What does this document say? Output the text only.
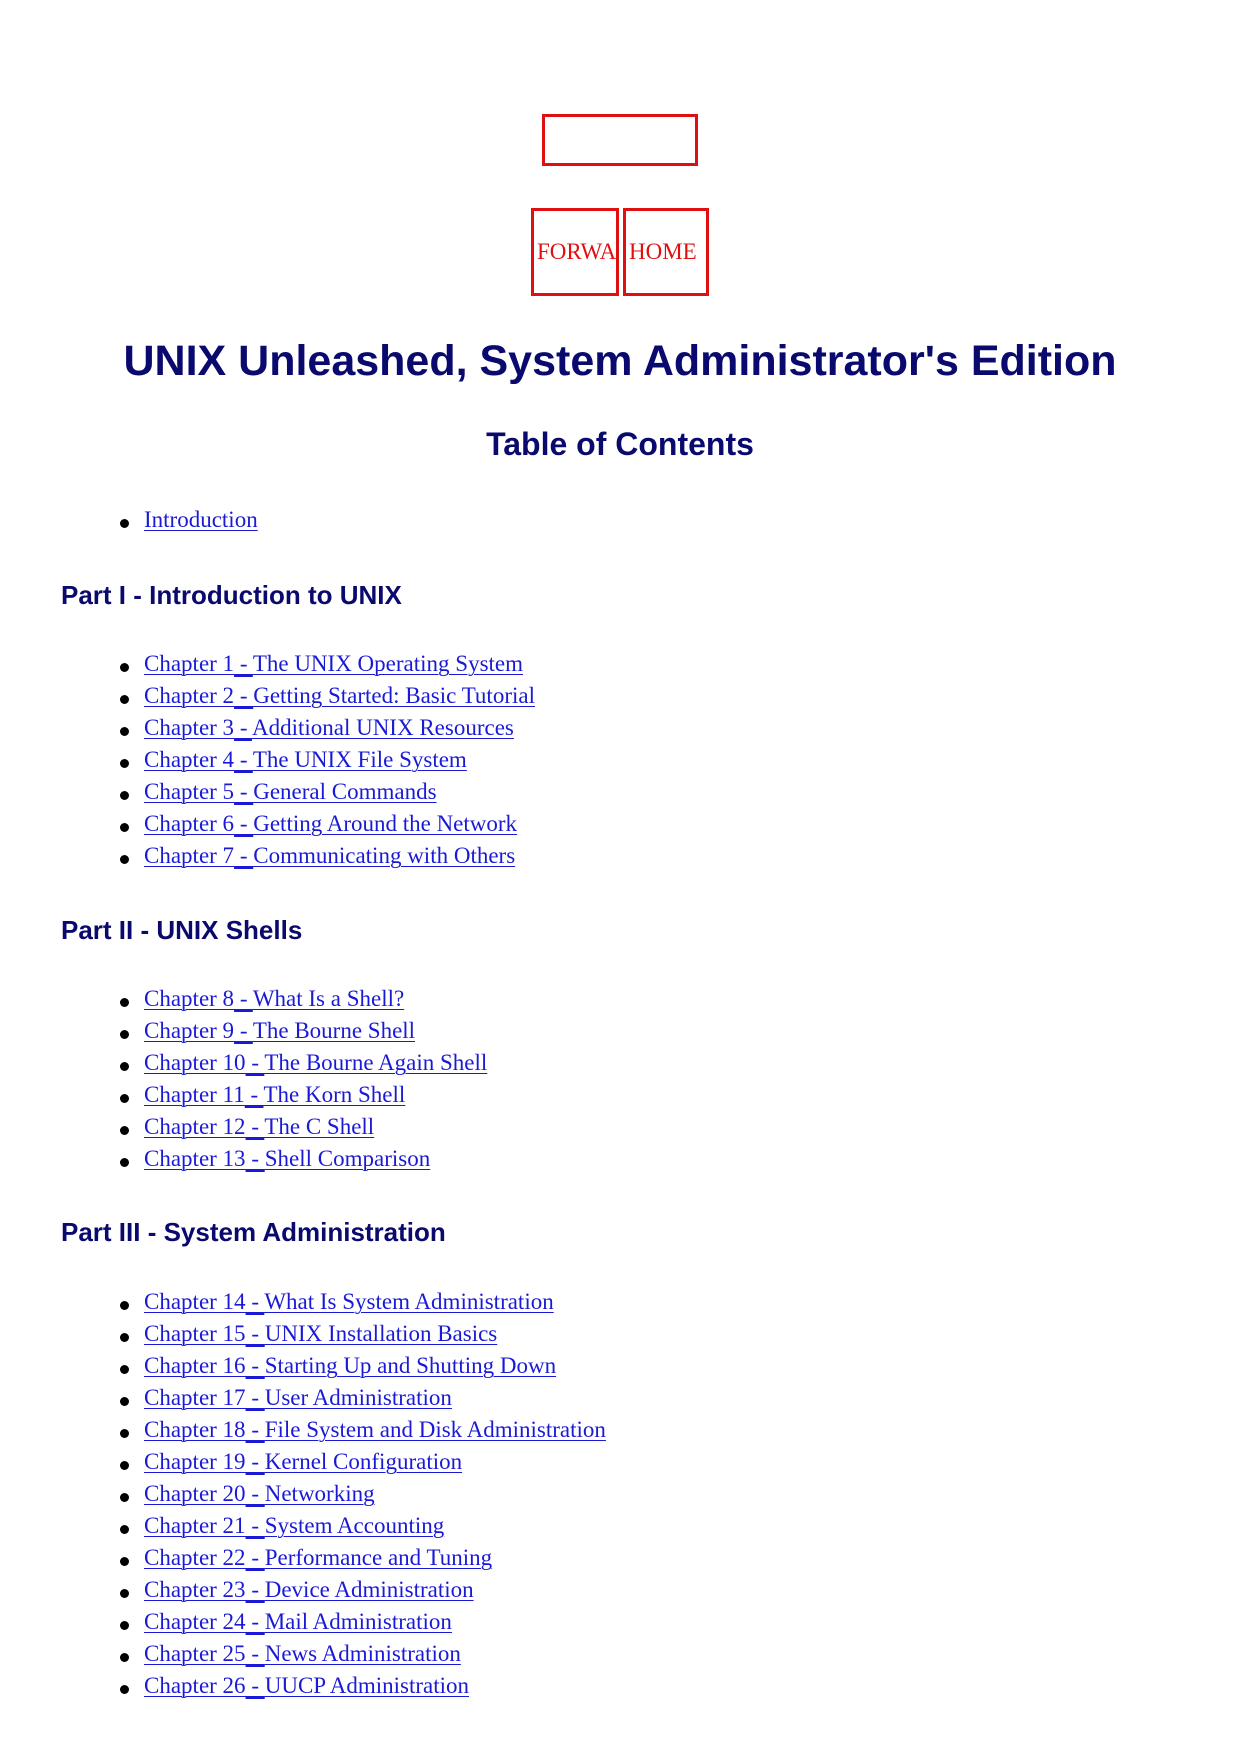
FORWA HOME
UNIX Unleashed, System Administrator's Edition
Table of Contents
Introduction
Part I - Introduction to UNIX
Chapter 1 - The UNIX Operating System
Chapter 2 - Getting Started: Basic Tutorial
Chapter 3 - Additional UNIX Resources
Chapter 4 - The UNIX File System
Chapter 5 - General Commands
Chapter 6 - Getting Around the Network
Chapter 7 - Communicating with Others
Part II - UNIX Shells
Chapter 8 - What Is a Shell?
Chapter 9 - The Bourne Shell
Chapter 10 - The Bourne Again Shell
Chapter 11 - The Korn Shell
Chapter 12 - The C Shell
Chapter 13 - Shell Comparison
Part III - System Administration
Chapter 14 - What Is System Administration
Chapter 15 - UNIX Installation Basics
Chapter 16 - Starting Up and Shutting Down
Chapter 17 - User Administration
Chapter 18 - File System and Disk Administration
Chapter 19 - Kernel Configuration
Chapter 20 - Networking
Chapter 21 - System Accounting
Chapter 22 - Performance and Tuning
Chapter 23 - Device Administration
Chapter 24 - Mail Administration
Chapter 25 - News Administration
Chapter 26 - UUCP Administration
